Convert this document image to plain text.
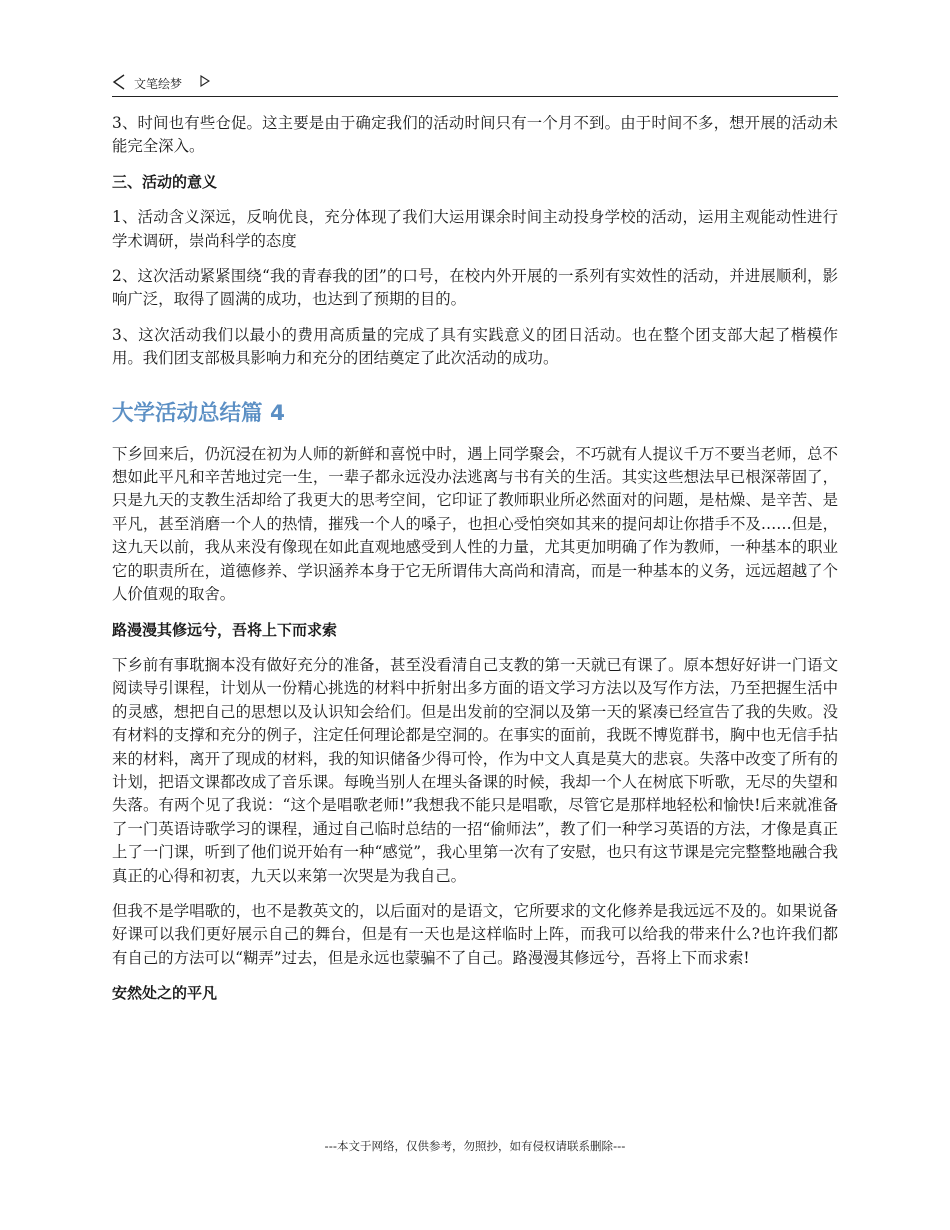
文笔绘梦

3、时间也有些仓促。这主要是由于确定我们的活动时间只有一个月不到。由于时间不多，想开展的活动未能完全深入。

三、活动的意义

1、活动含义深远，反响优良，充分体现了我们大运用课余时间主动投身学校的活动，运用主观能动性进行学术调研，崇尚科学的态度

2、这次活动紧紧围绕“我的青春我的团”的口号，在校内外开展的一系列有实效性的活动，并进展顺利，影响广泛，取得了圆满的成功，也达到了预期的目的。

3、这次活动我们以最小的费用高质量的完成了具有实践意义的团日活动。也在整个团支部大起了楷模作用。我们团支部极具影响力和充分的团结奠定了此次活动的成功。

大学活动总结篇 4

下乡回来后，仍沉浸在初为人师的新鲜和喜悦中时，遇上同学聚会，不巧就有人提议千万不要当老师，总不想如此平凡和辛苦地过完一生，一辈子都永远没办法逃离与书有关的生活。其实这些想法早已根深蒂固了，只是九天的支教生活却给了我更大的思考空间，它印证了教师职业所必然面对的问题，是枯燥、是辛苦、是平凡，甚至消磨一个人的热情，摧残一个人的嗓子，也担心受怕突如其来的提问却让你措手不及……但是，这九天以前，我从来没有像现在如此直观地感受到人性的力量，尤其更加明确了作为教师，一种基本的职业它的职责所在，道德修养、学识涵养本身于它无所谓伟大高尚和清高，而是一种基本的义务，远远超越了个人价值观的取舍。

路漫漫其修远兮，吾将上下而求索

下乡前有事耽搁本没有做好充分的准备，甚至没看清自己支教的第一天就已有课了。原本想好好讲一门语文阅读导引课程，计划从一份精心挑选的材料中折射出多方面的语文学习方法以及写作方法，乃至把握生活中的灵感，想把自己的思想以及认识知会给们。但是出发前的空洞以及第一天的紧凑已经宣告了我的失败。没有材料的支撑和充分的例子，注定任何理论都是空洞的。在事实的面前，我既不博览群书，胸中也无信手拈来的材料，离开了现成的材料，我的知识储备少得可怜，作为中文人真是莫大的悲哀。失落中改变了所有的计划，把语文课都改成了音乐课。每晚当别人在埋头备课的时候，我却一个人在树底下听歌，无尽的失望和失落。有两个见了我说：“这个是唱歌老师!”我想我不能只是唱歌，尽管它是那样地轻松和愉快!后来就准备了一门英语诗歌学习的课程，通过自己临时总结的一招“偷师法”，教了们一种学习英语的方法，才像是真正上了一门课，听到了他们说开始有一种“感觉”，我心里第一次有了安慰，也只有这节课是完完整整地融合我真正的心得和初衷，九天以来第一次哭是为我自己。

但我不是学唱歌的，也不是教英文的，以后面对的是语文，它所要求的文化修养是我远远不及的。如果说备好课可以我们更好展示自己的舞台，但是有一天也是这样临时上阵，而我可以给我的带来什么?也许我们都有自己的方法可以“糊弄”过去，但是永远也蒙骗不了自己。路漫漫其修远兮，吾将上下而求索!

安然处之的平凡

---本文于网络，仅供参考，勿照抄，如有侵权请联系删除---
